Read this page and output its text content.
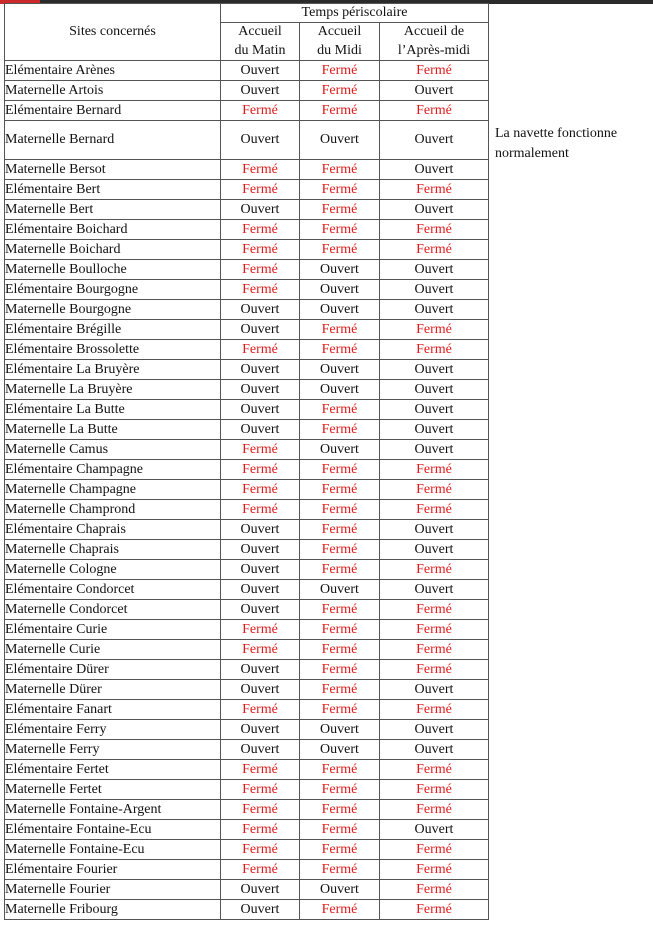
Sites concernés	Temps périscolaire		
	Accueil	Accueil	Accueil de
	du Matin	du Midi	l’Après-midi
Elémentaire Arènes	Ouvert	Fermé	Fermé
Maternelle Artois	Ouvert	Fermé	Ouvert
Elémentaire Bernard	Fermé	Fermé	Fermé
Maternelle Bernard	Ouvert	Ouvert	Ouvert
Maternelle Bersot	Fermé	Fermé	Ouvert
Elémentaire Bert	Fermé	Fermé	Fermé
Maternelle Bert	Ouvert	Fermé	Ouvert
Elémentaire Boichard	Fermé	Fermé	Fermé
Maternelle Boichard	Fermé	Fermé	Fermé
Maternelle Boulloche	Fermé	Ouvert	Ouvert
Elémentaire Bourgogne	Fermé	Ouvert	Ouvert
Maternelle Bourgogne	Ouvert	Ouvert	Ouvert
Elémentaire Brégille	Ouvert	Fermé	Fermé
Elémentaire Brossolette	Fermé	Fermé	Fermé
Elémentaire La Bruyère	Ouvert	Ouvert	Ouvert
Maternelle La Bruyère	Ouvert	Ouvert	Ouvert
Elémentaire La Butte	Ouvert	Fermé	Ouvert
Maternelle La Butte	Ouvert	Fermé	Ouvert
Maternelle Camus	Fermé	Ouvert	Ouvert
Elémentaire Champagne	Fermé	Fermé	Fermé
Maternelle Champagne	Fermé	Fermé	Fermé
Maternelle Champrond	Fermé	Fermé	Fermé
Elémentaire Chaprais	Ouvert	Fermé	Ouvert
Maternelle Chaprais	Ouvert	Fermé	Ouvert
Maternelle Cologne	Ouvert	Fermé	Fermé
Elémentaire Condorcet	Ouvert	Ouvert	Ouvert
Maternelle Condorcet	Ouvert	Fermé	Fermé
Elémentaire Curie	Fermé	Fermé	Fermé
Maternelle Curie	Fermé	Fermé	Fermé
Elémentaire Dürer	Ouvert	Fermé	Fermé
Maternelle Dürer	Ouvert	Fermé	Ouvert
Elémentaire Fanart	Fermé	Fermé	Fermé
Elémentaire Ferry	Ouvert	Ouvert	Ouvert
Maternelle Ferry	Ouvert	Ouvert	Ouvert
Elémentaire Fertet	Fermé	Fermé	Fermé
Maternelle Fertet	Fermé	Fermé	Fermé
Maternelle Fontaine-Argent	Fermé	Fermé	Fermé
Elémentaire Fontaine-Ecu	Fermé	Fermé	Ouvert
Maternelle Fontaine-Ecu	Fermé	Fermé	Fermé
Elémentaire Fourier	Fermé	Fermé	Fermé
Maternelle Fourier	Ouvert	Ouvert	Fermé
Maternelle Fribourg	Ouvert	Fermé	Fermé
La navette fonctionne
normalement
